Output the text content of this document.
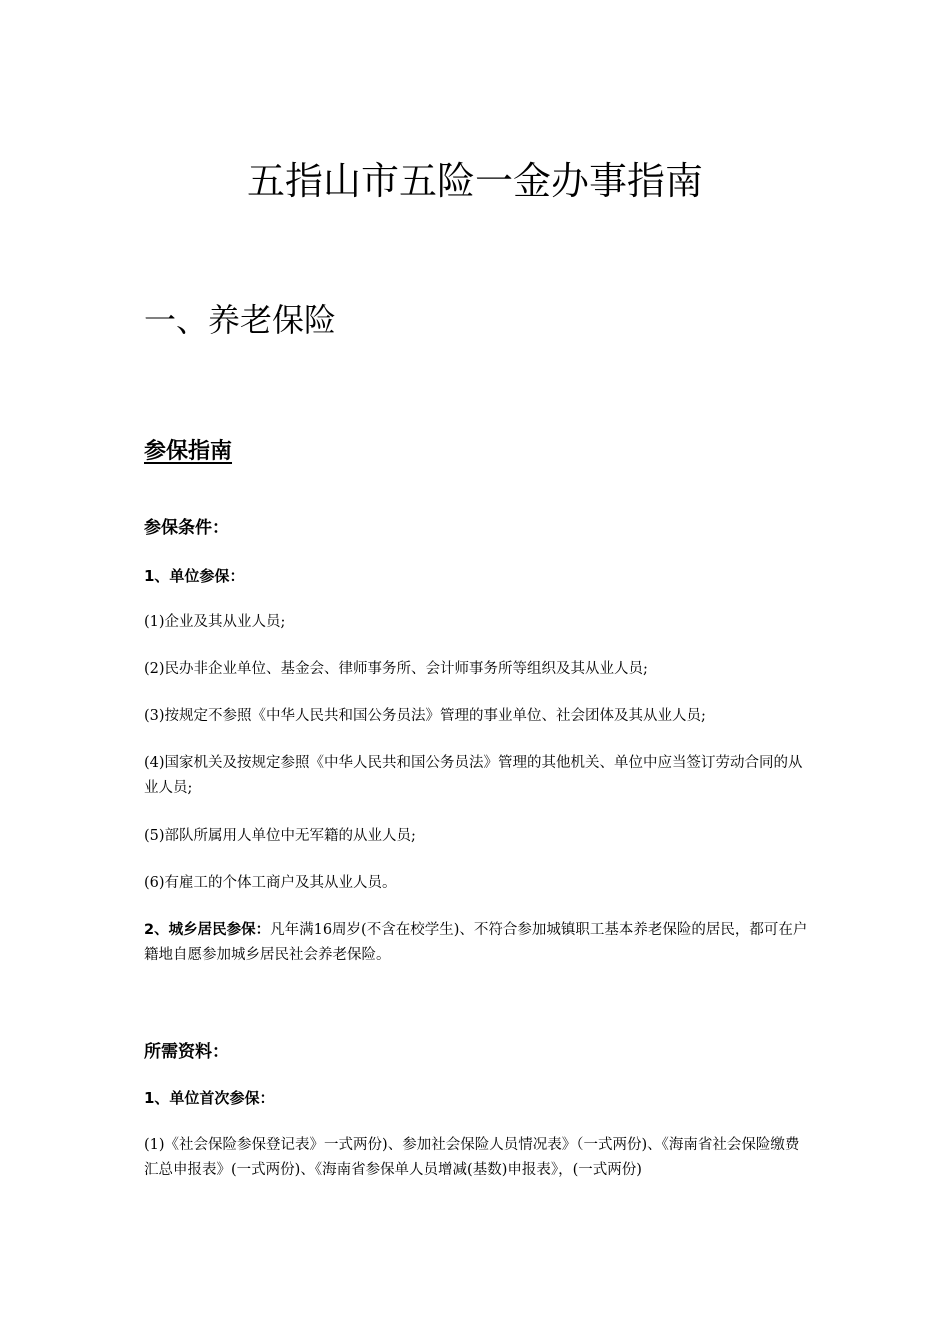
五指山市五险一金办事指南
一、养老保险
参保指南

参保条件：

1、单位参保：

(1)企业及其从业人员;

(2)民办非企业单位、基金会、律师事务所、会计师事务所等组织及其从业人员;

(3)按规定不参照《中华人民共和国公务员法》管理的事业单位、社会团体及其从业人员;

(4)国家机关及按规定参照《中华人民共和国公务员法》管理的其他机关、单位中应当签订劳动合同的从业人员;

(5)部队所属用人单位中无军籍的从业人员;

(6)有雇工的个体工商户及其从业人员。

2、城乡居民参保：凡年满16周岁(不含在校学生)、不符合参加城镇职工基本养老保险的居民，都可在户籍地自愿参加城乡居民社会养老保险。

所需资料：

1、单位首次参保：

(1)《社会保险参保登记表》一式两份)、参加社会保险人员情况表》（一式两份)、《海南省社会保险缴费汇总申报表》(一式两份)、《海南省参保单人员增减(基数)申报表》，(一式两份)
